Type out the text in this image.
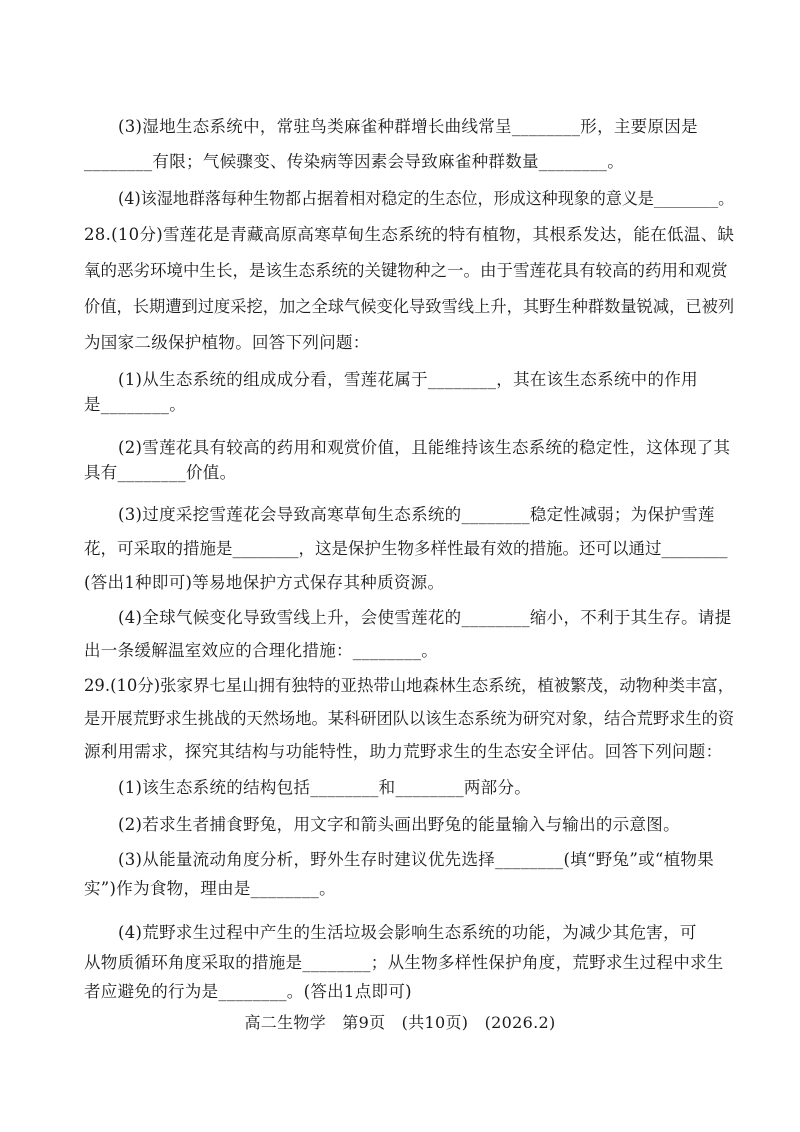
(3)湿地生态系统中，常驻鸟类麻雀种群增长曲线常呈________形，主要原因是
________有限；气候骤变、传染病等因素会导致麻雀种群数量________。
(4)该湿地群落每种生物都占据着相对稳定的生态位，形成这种现象的意义是________。
28.(10分)雪莲花是青藏高原高寒草甸生态系统的特有植物，其根系发达，能在低温、缺
氧的恶劣环境中生长，是该生态系统的关键物种之一。由于雪莲花具有较高的药用和观赏
价值，长期遭到过度采挖，加之全球气候变化导致雪线上升，其野生种群数量锐减，已被列
为国家二级保护植物。回答下列问题：
(1)从生态系统的组成成分看，雪莲花属于________，其在该生态系统中的作用
是________。
(2)雪莲花具有较高的药用和观赏价值，且能维持该生态系统的稳定性，这体现了其
具有________价值。
(3)过度采挖雪莲花会导致高寒草甸生态系统的________稳定性减弱；为保护雪莲
花，可采取的措施是________，这是保护生物多样性最有效的措施。还可以通过________
(答出1种即可)等易地保护方式保存其种质资源。
(4)全球气候变化导致雪线上升，会使雪莲花的________缩小，不利于其生存。请提
出一条缓解温室效应的合理化措施：________。
29.(10分)张家界七星山拥有独特的亚热带山地森林生态系统，植被繁茂，动物种类丰富，
是开展荒野求生挑战的天然场地。某科研团队以该生态系统为研究对象，结合荒野求生的资
源利用需求，探究其结构与功能特性，助力荒野求生的生态安全评估。回答下列问题：
(1)该生态系统的结构包括________和________两部分。
(2)若求生者捕食野兔，用文字和箭头画出野兔的能量输入与输出的示意图。
(3)从能量流动角度分析，野外生存时建议优先选择________(填“野兔”或“植物果
实”)作为食物，理由是________。
(4)荒野求生过程中产生的生活垃圾会影响生态系统的功能，为减少其危害，可
从物质循环角度采取的措施是________；从生物多样性保护角度，荒野求生过程中求生
者应避免的行为是________。(答出1点即可)
高二生物学　第9页　(共10页)　(2026.2)
